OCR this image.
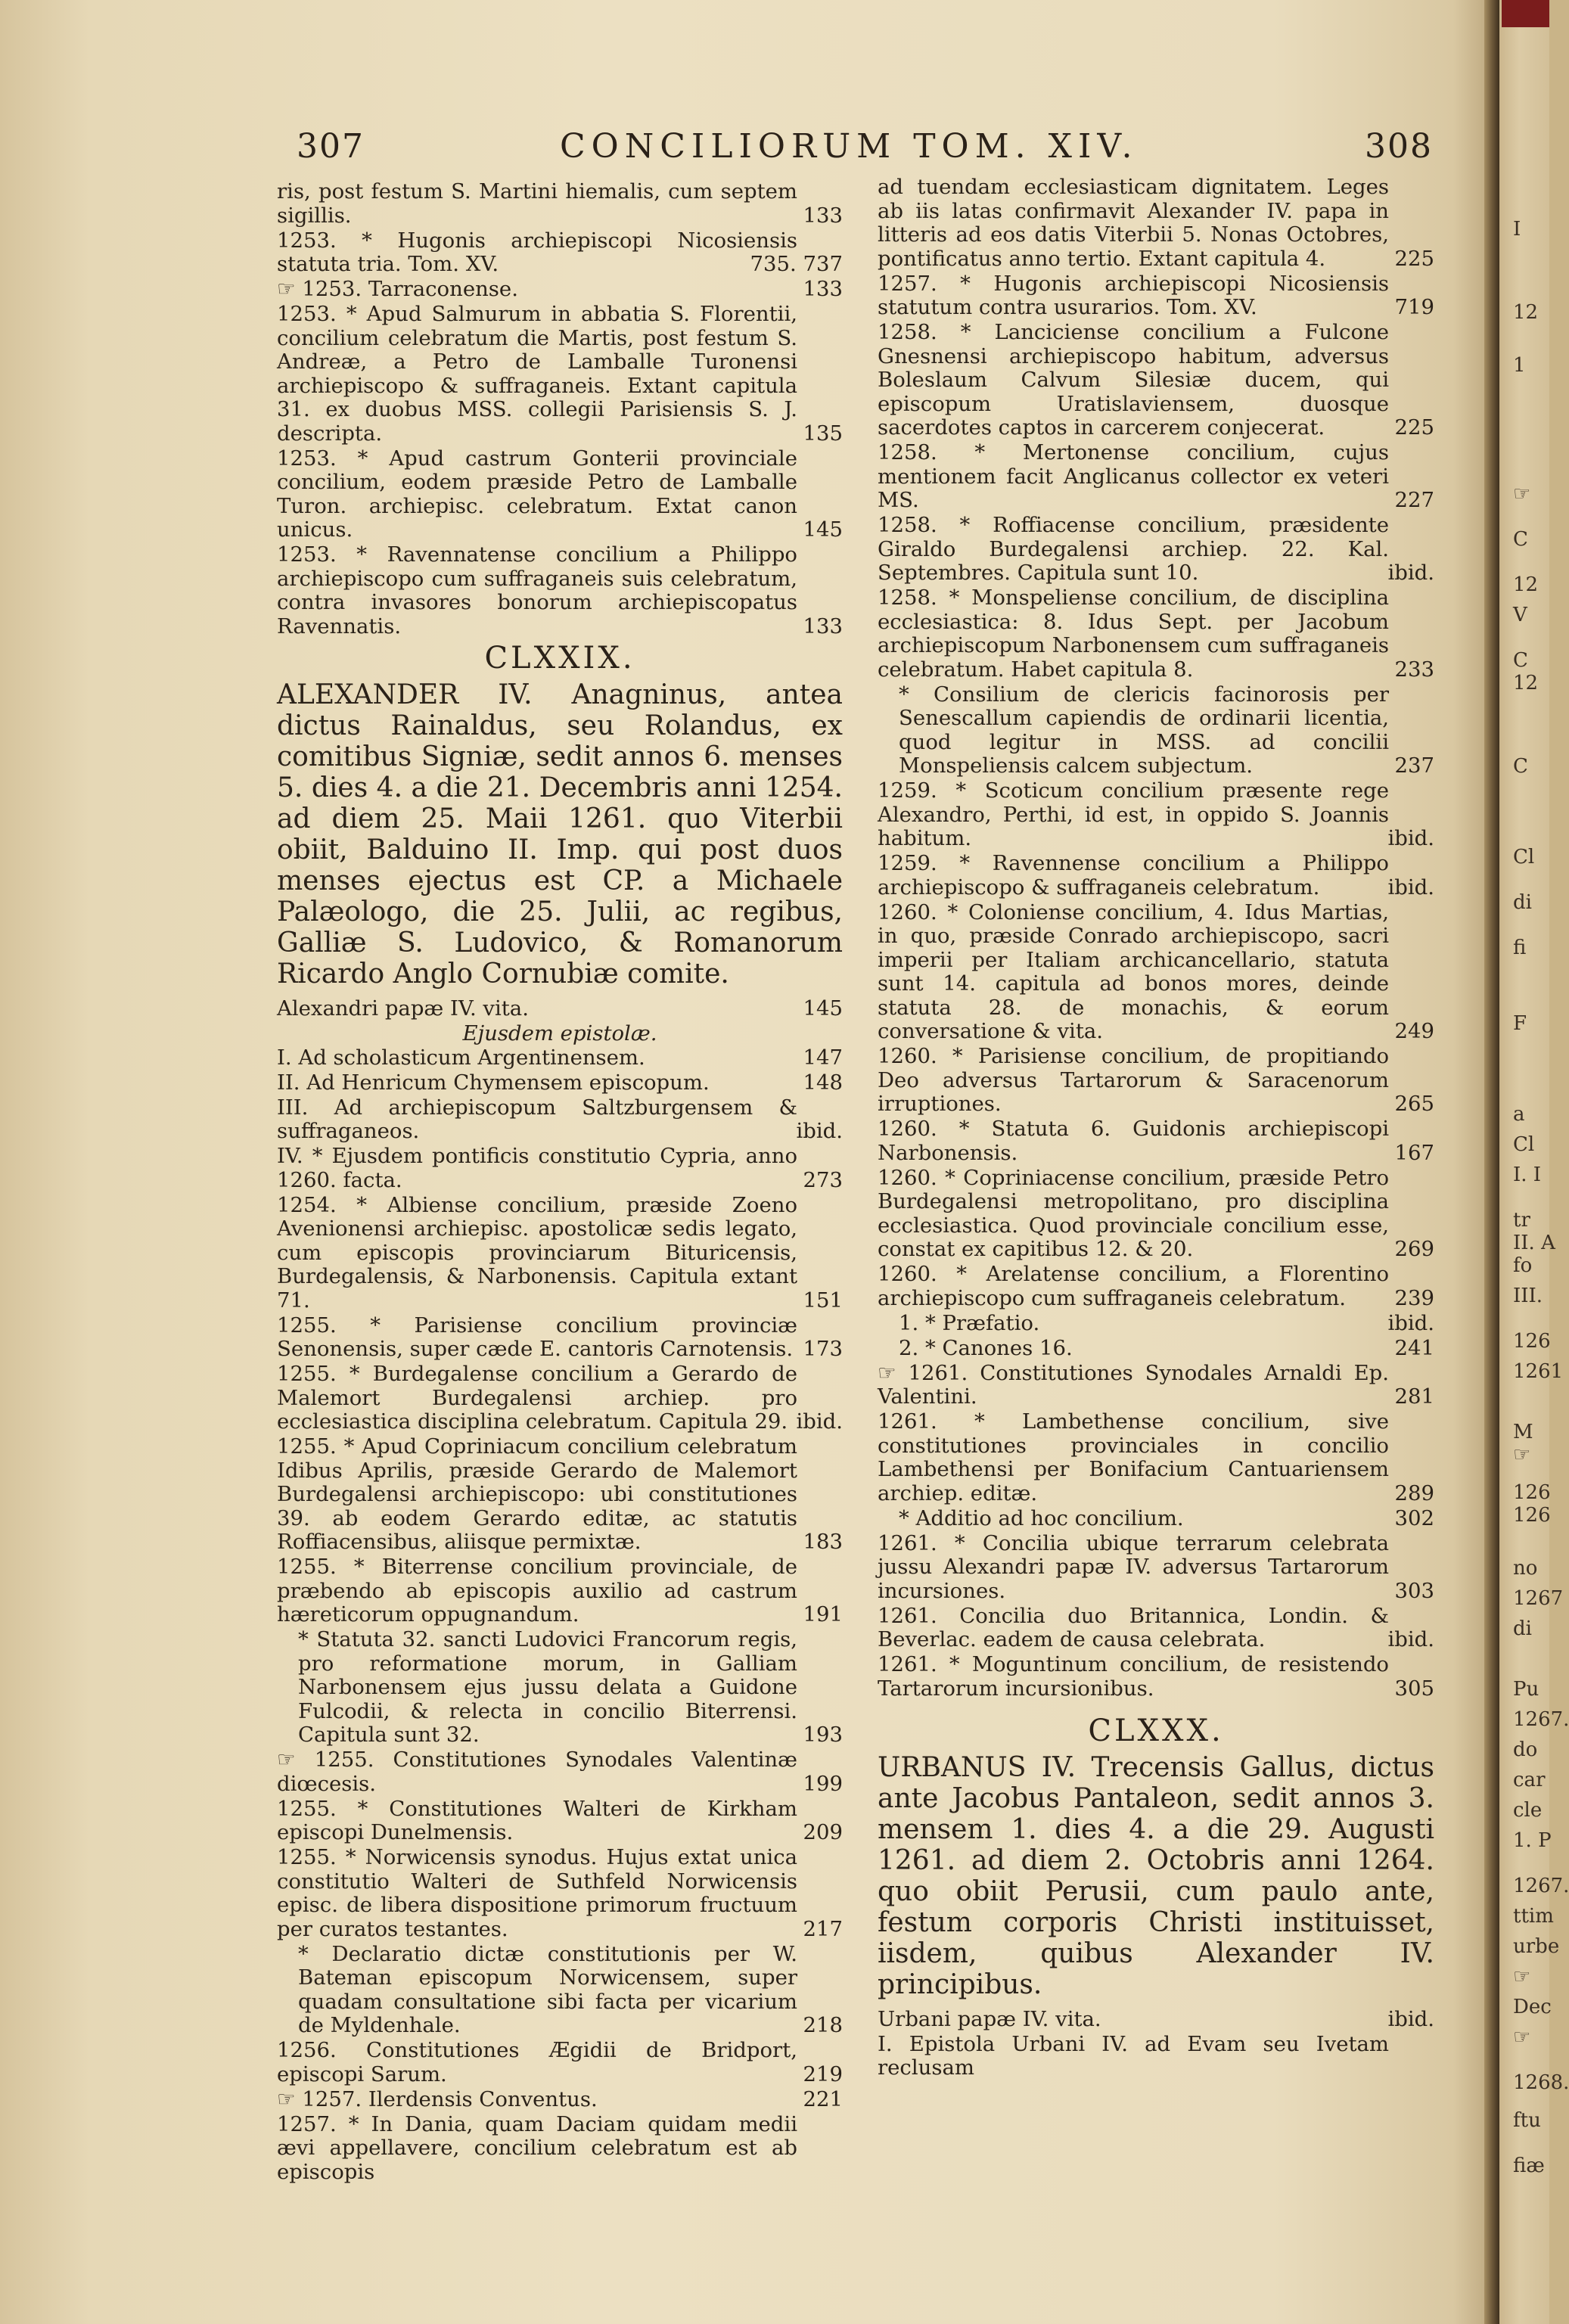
I
12
1
☞
C
12
V
C
12
C
Cl
di
fi
F
a
Cl
I. I
tr
II. A
fo
III.
126
1261
M
☞
126
126
no
1267
di
Pu
1267.
do
car
cle
1. P
1267.
ttim
urbe
☞
Dec
☞
1268.
ftu
fiæ
307	CONCILIORUM TOM. XIV.	308
ris, post festum S. Martini hiemalis, cum septem sigillis.	133
1253. * Hugonis archiepiscopi Nicosiensis statuta tria. Tom. XV.	735. 737
☞ 1253. Tarraconense.	133
1253. * Apud Salmurum in abbatia S. Florentii, concilium celebratum die Martis, post festum S. Andreæ, a Petro de Lamballe Turonensi archiepiscopo & suffraganeis. Extant capitula 31. ex duobus MSS. collegii Parisiensis S. J. descripta.	135
1253. * Apud castrum Gonterii provinciale concilium, eodem præside Petro de Lamballe Turon. archiepisc. celebratum. Extat canon unicus.	145
1253. * Ravennatense concilium a Philippo archiepiscopo cum suffraganeis suis celebratum, contra invasores bonorum archiepiscopatus Ravennatis.	133
CLXXIX.
ALEXANDER IV. Anagninus, antea dictus Rainaldus, seu Rolandus, ex comitibus Signiæ, sedit annos 6. menses 5. dies 4. a die 21. Decembris anni 1254. ad diem 25. Maii 1261. quo Viterbii obiit, Balduino II. Imp. qui post duos menses ejectus est CP. a Michaele Palæologo, die 25. Julii, ac regibus, Galliæ S. Ludovico, & Romanorum Ricardo Anglo Cornubiæ comite.
Alexandri papæ IV. vita.	145
Ejusdem epistolæ.
I. Ad scholasticum Argentinensem.	147
II. Ad Henricum Chymensem episcopum.	148
III. Ad archiepiscopum Saltzburgensem & suffraganeos.	ibid.
IV. * Ejusdem pontificis constitutio Cypria, anno 1260. facta.	273
1254. * Albiense concilium, præside Zoeno Avenionensi archiepisc. apostolicæ sedis legato, cum episcopis provinciarum Bituricensis, Burdegalensis, & Narbonensis. Capitula extant 71.	151
1255. * Parisiense concilium provinciæ Senonensis, super cæde E. cantoris Carnotensis. 173
1255. * Burdegalense concilium a Gerardo de Malemort Burdegalensi archiep. pro ecclesiastica disciplina celebratum. Capitula 29. ibid.
1255. * Apud Copriniacum concilium celebratum Idibus Aprilis, præside Gerardo de Malemort Burdegalensi archiepiscopo: ubi constitutiones 39. ab eodem Gerardo editæ, ac statutis Roffiacensibus, aliisque permixtæ.	183
1255. * Biterrense concilium provinciale, de præbendo ab episcopis auxilio ad castrum hæreticorum oppugnandum.	191
* Statuta 32. sancti Ludovici Francorum regis, pro reformatione morum, in Galliam Narbonensem ejus jussu delata a Guidone Fulcodii, & relecta in concilio Biterrensi. Capitula sunt 32.	193
☞ 1255. Constitutiones Synodales Valentinæ diœcesis.	199
1255. * Constitutiones Walteri de Kirkham episcopi Dunelmensis.	209
1255. * Norwicensis synodus. Hujus extat unica constitutio Walteri de Suthfeld Norwicensis episc. de libera dispositione primorum fructuum per curatos testantes.	217
* Declaratio dictæ constitutionis per W. Bateman episcopum Norwicensem, super quadam consultatione sibi facta per vicarium de Myldenhale.	218
1256. Constitutiones Ægidii de Bridport, episcopi Sarum.	219
☞ 1257. Ilerdensis Conventus.	221
1257. * In Dania, quam Daciam quidam medii ævi appellavere, concilium celebratum est ab episcopis
ad tuendam ecclesiasticam dignitatem. Leges ab iis latas confirmavit Alexander IV. papa in litteris ad eos datis Viterbii 5. Nonas Octobres, pontificatus anno tertio. Extant capitula 4.	225
1257. * Hugonis archiepiscopi Nicosiensis statutum contra usurarios. Tom. XV.	719
1258. * Lanciciense concilium a Fulcone Gnesnensi archiepiscopo habitum, adversus Boleslaum Calvum Silesiæ ducem, qui episcopum Uratislaviensem, duosque sacerdotes captos in carcerem conjecerat.	225
1258. * Mertonense concilium, cujus mentionem facit Anglicanus collector ex veteri MS.	227
1258. * Roffiacense concilium, præsidente Giraldo Burdegalensi archiep. 22. Kal. Septembres. Capitula sunt 10.	ibid.
1258. * Monspeliense concilium, de disciplina ecclesiastica: 8. Idus Sept. per Jacobum archiepiscopum Narbonensem cum suffraganeis celebratum. Habet capitula 8.	233
* Consilium de clericis facinorosis per Senescallum capiendis de ordinarii licentia, quod legitur in MSS. ad concilii Monspeliensis calcem subjectum.	237
1259. * Scoticum concilium præsente rege Alexandro, Perthi, id est, in oppido S. Joannis habitum.	ibid.
1259. * Ravennense concilium a Philippo archiepiscopo & suffraganeis celebratum.	ibid.
1260. * Coloniense concilium, 4. Idus Martias, in quo, præside Conrado archiepiscopo, sacri imperii per Italiam archicancellario, statuta sunt 14. capitula ad bonos mores, deinde statuta 28. de monachis, & eorum conversatione & vita.	249
1260. * Parisiense concilium, de propitiando Deo adversus Tartarorum & Saracenorum irruptiones.	265
1260. * Statuta 6. Guidonis archiepiscopi Narbonensis.	167
1260. * Copriniacense concilium, præside Petro Burdegalensi metropolitano, pro disciplina ecclesiastica. Quod provinciale concilium esse, constat ex capitibus 12. & 20.	269
1260. * Arelatense concilium, a Florentino archiepiscopo cum suffraganeis celebratum. 239
1. * Præfatio.	ibid.
2. * Canones 16.	241
☞ 1261. Constitutiones Synodales Arnaldi Ep. Valentini.	281
1261. * Lambethense concilium, sive constitutiones provinciales in concilio Lambethensi per Bonifacium Cantuariensem archiep. editæ.	289
* Additio ad hoc concilium.	302
1261. * Concilia ubique terrarum celebrata jussu Alexandri papæ IV. adversus Tartarorum incursiones.	303
1261. Concilia duo Britannica, Londin. & Beverlac. eadem de causa celebrata.	ibid.
1261. * Moguntinum concilium, de resistendo Tartarorum incursionibus.	305
CLXXX.
URBANUS IV. Trecensis Gallus, dictus ante Jacobus Pantaleon, sedit annos 3. mensem 1. dies 4. a die 29. Augusti 1261. ad diem 2. Octobris anni 1264. quo obiit Perusii, cum paulo ante, festum corporis Christi instituisset, iisdem, quibus Alexander IV. principibus.
Urbani papæ IV. vita.	ibid.
I. Epistola Urbani IV. ad Evam seu Ivetam reclusam
